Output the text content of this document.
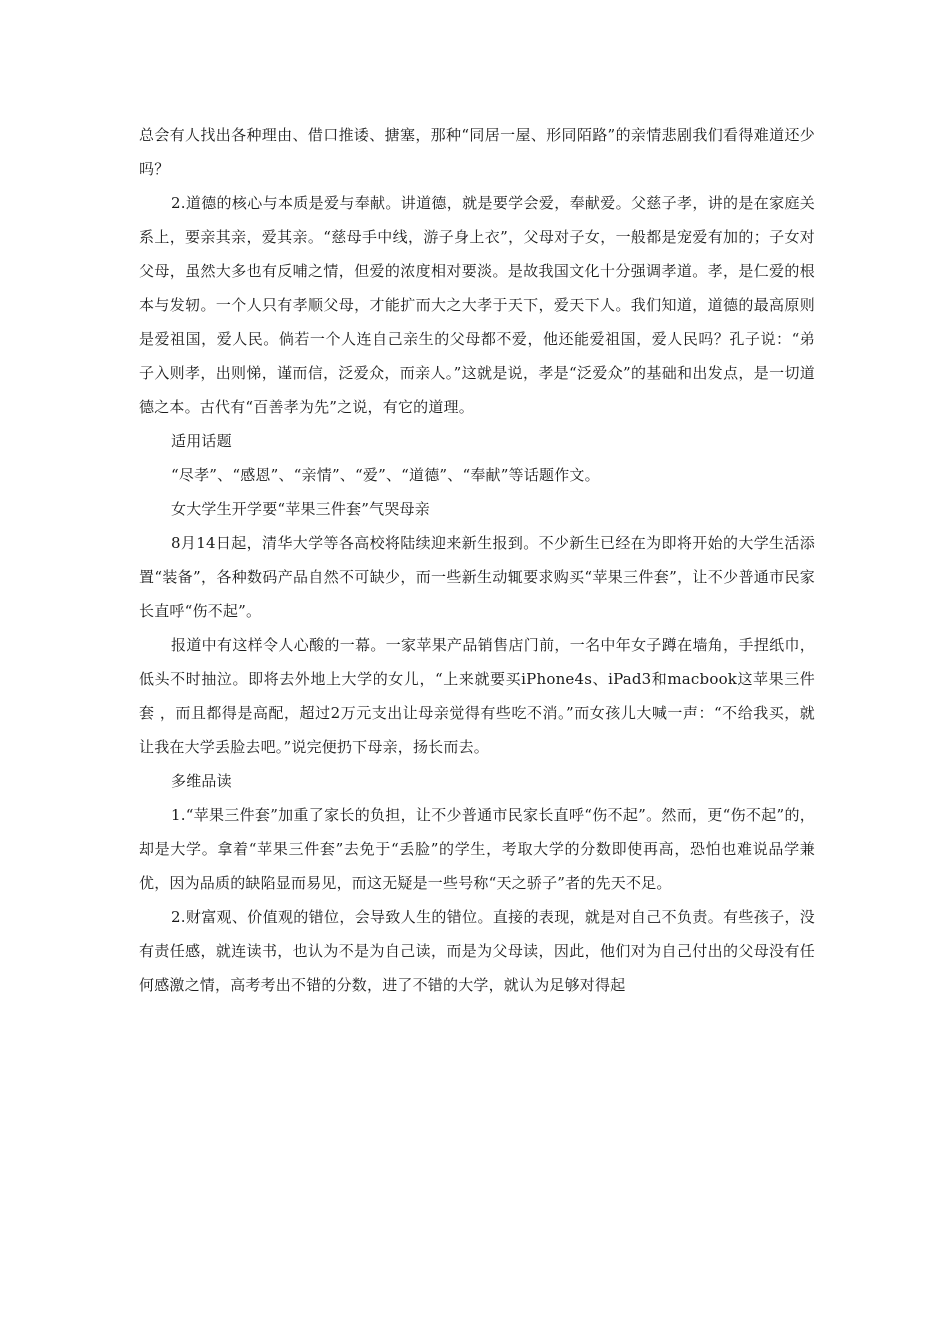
总会有人找出各种理由、借口推诿、搪塞，那种“同居一屋、形同陌路”的亲情悲剧我们看得难道还少吗？

2.道德的核心与本质是爱与奉献。讲道德，就是要学会爱，奉献爱。父慈子孝，讲的是在家庭关系上，要亲其亲，爱其亲。“慈母手中线，游子身上衣”，父母对子女，一般都是宠爱有加的；子女对父母，虽然大多也有反哺之情，但爱的浓度相对要淡。是故我国文化十分强调孝道。孝，是仁爱的根本与发轫。一个人只有孝顺父母，才能扩而大之大孝于天下，爱天下人。我们知道，道德的最高原则是爱祖国，爱人民。倘若一个人连自己亲生的父母都不爱，他还能爱祖国，爱人民吗？孔子说：“弟子入则孝，出则悌，谨而信，泛爱众，而亲人。”这就是说，孝是“泛爱众”的基础和出发点，是一切道德之本。古代有“百善孝为先”之说，有它的道理。

适用话题

“尽孝”、“感恩”、“亲情”、“爱”、“道德”、“奉献”等话题作文。

女大学生开学要“苹果三件套”气哭母亲

8月14日起，清华大学等各高校将陆续迎来新生报到。不少新生已经在为即将开始的大学生活添置“装备”，各种数码产品自然不可缺少，而一些新生动辄要求购买“苹果三件套”，让不少普通市民家长直呼“伤不起”。

报道中有这样令人心酸的一幕。一家苹果产品销售店门前，一名中年女子蹲在墙角，手捏纸巾，低头不时抽泣。即将去外地上大学的女儿，“上来就要买iPhone4s、iPad3和macbook这苹果三件套 ，而且都得是高配，超过2万元支出让母亲觉得有些吃不消。”而女孩儿大喊一声：“不给我买，就让我在大学丢脸去吧。”说完便扔下母亲，扬长而去。

多维品读

1.“苹果三件套”加重了家长的负担，让不少普通市民家长直呼“伤不起”。然而，更“伤不起”的，却是大学。拿着“苹果三件套”去免于“丢脸”的学生，考取大学的分数即使再高，恐怕也难说品学兼优，因为品质的缺陷显而易见，而这无疑是一些号称“天之骄子”者的先天不足。

2.财富观、价值观的错位，会导致人生的错位。直接的表现，就是对自己不负责。有些孩子，没有责任感，就连读书，也认为不是为自己读，而是为父母读，因此，他们对为自己付出的父母没有任何感激之情，高考考出不错的分数，进了不错的大学，就认为足够对得起
